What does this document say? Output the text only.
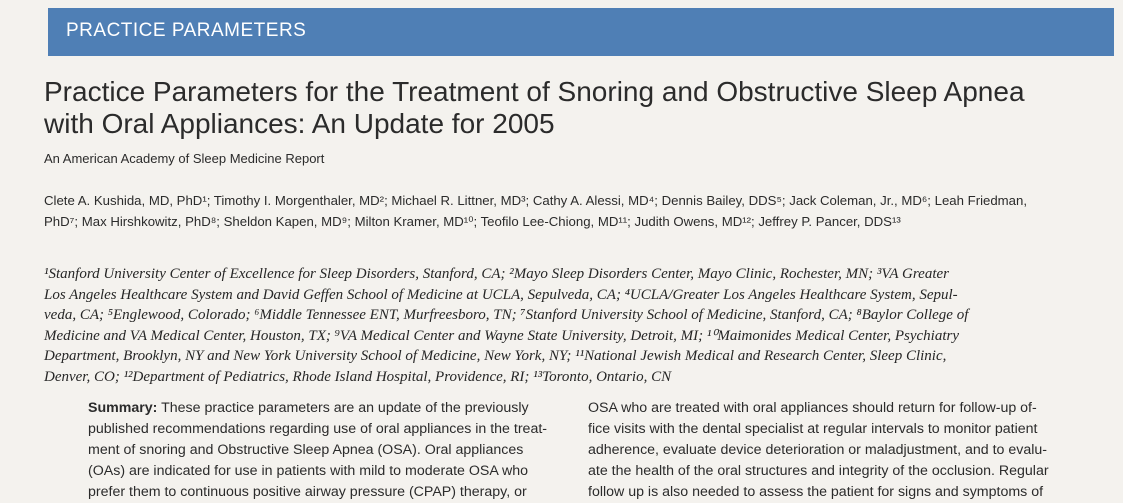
PRACTICE PARAMETERS
Practice Parameters for the Treatment of Snoring and Obstructive Sleep Apnea
with Oral Appliances: An Update for 2005
An American Academy of Sleep Medicine Report
Clete A. Kushida, MD, PhD¹; Timothy I. Morgenthaler, MD²; Michael R. Littner, MD³; Cathy A. Alessi, MD⁴; Dennis Bailey, DDS⁵; Jack Coleman, Jr., MD⁶; Leah Friedman,
PhD⁷; Max Hirshkowitz, PhD⁸; Sheldon Kapen, MD⁹; Milton Kramer, MD¹⁰; Teofilo Lee-Chiong, MD¹¹; Judith Owens, MD¹²; Jeffrey P. Pancer, DDS¹³
¹Stanford University Center of Excellence for Sleep Disorders, Stanford, CA; ²Mayo Sleep Disorders Center, Mayo Clinic, Rochester, MN; ³VA Greater
Los Angeles Healthcare System and David Geffen School of Medicine at UCLA, Sepulveda, CA; ⁴UCLA/Greater Los Angeles Healthcare System, Sepul-
veda, CA; ⁵Englewood, Colorado; ⁶Middle Tennessee ENT, Murfreesboro, TN; ⁷Stanford University School of Medicine, Stanford, CA; ⁸Baylor College of
Medicine and VA Medical Center, Houston, TX; ⁹VA Medical Center and Wayne State University, Detroit, MI; ¹⁰Maimonides Medical Center, Psychiatry
Department, Brooklyn, NY and New York University School of Medicine, New York, NY; ¹¹National Jewish Medical and Research Center, Sleep Clinic,
Denver, CO; ¹²Department of Pediatrics, Rhode Island Hospital, Providence, RI; ¹³Toronto, Ontario, CN
Summary: These practice parameters are an update of the previously
published recommendations regarding use of oral appliances in the treat-
ment of snoring and Obstructive Sleep Apnea (OSA). Oral appliances
(OAs) are indicated for use in patients with mild to moderate OSA who
prefer them to continuous positive airway pressure (CPAP) therapy, or
OSA who are treated with oral appliances should return for follow-up of-
fice visits with the dental specialist at regular intervals to monitor patient
adherence, evaluate device deterioration or maladjustment, and to evalu-
ate the health of the oral structures and integrity of the occlusion. Regular
follow up is also needed to assess the patient for signs and symptoms of
